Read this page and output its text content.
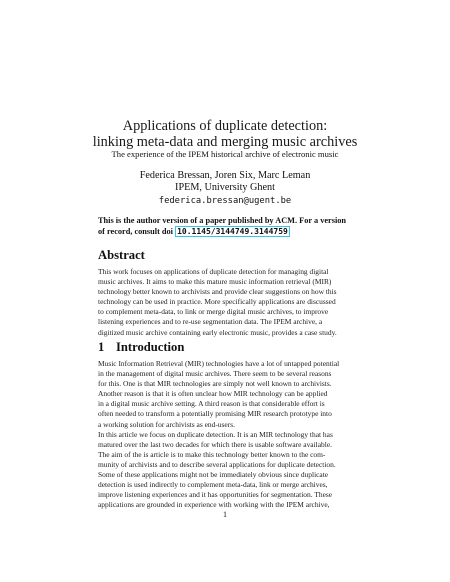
Applications of duplicate detection:
linking meta-data and merging music archives
The experience of the IPEM historical archive of electronic music
Federica Bressan, Joren Six, Marc Leman
IPEM, University Ghent
federica.bressan@ugent.be
This is the author version of a paper published by ACM. For a version
of record, consult doi 10.1145/3144749.3144759
Abstract
This work focuses on applications of duplicate detection for managing digital
music archives. It aims to make this mature music information retrieval (MIR)
technology better known to archivists and provide clear suggestions on how this
technology can be used in practice. More specifically applications are discussed
to complement meta-data, to link or merge digital music archives, to improve
listening experiences and to re-use segmentation data. The IPEM archive, a
digitized music archive containing early electronic music, provides a case study.
1 Introduction
Music Information Retrieval (MIR) technologies have a lot of untapped potential
in the management of digital music archives. There seem to be several reasons
for this. One is that MIR technologies are simply not well known to archivists.
Another reason is that it is often unclear how MIR technology can be applied
in a digital music archive setting. A third reason is that considerable effort is
often needed to transform a potentially promising MIR research prototype into
a working solution for archivists as end-users.
In this article we focus on duplicate detection. It is an MIR technology that has
matured over the last two decades for which there is usable software available.
The aim of the is article is to make this technology better known to the com-
munity of archivists and to describe several applications for duplicate detection.
Some of these applications might not be immediately obvious since duplicate
detection is used indirectly to complement meta-data, link or merge archives,
improve listening experiences and it has opportunities for segmentation. These
applications are grounded in experience with working with the IPEM archive,
1
